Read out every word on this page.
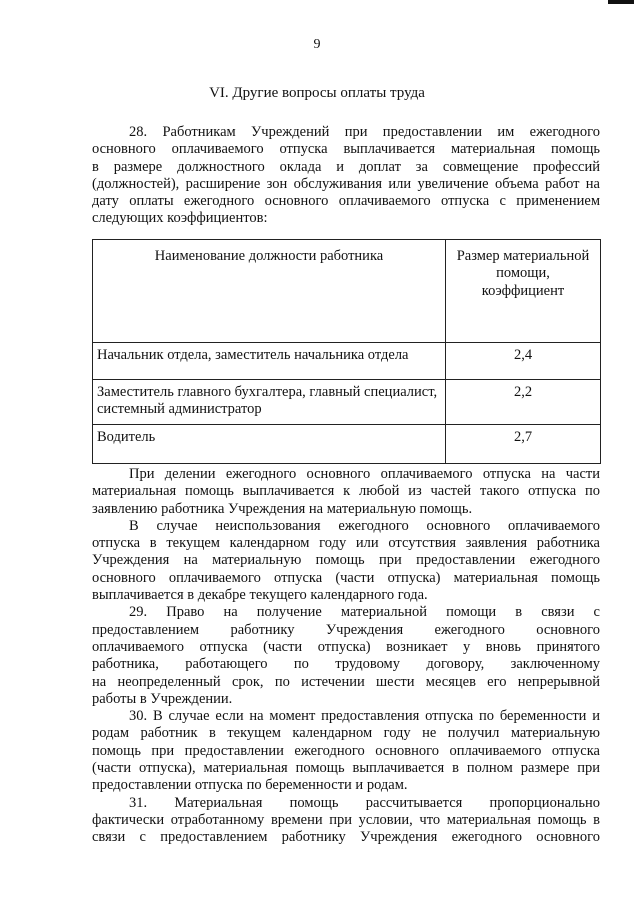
9
VI. Другие вопросы оплаты труда
28. Работникам Учреждений при предоставлении им ежегодного
основного оплачиваемого отпуска выплачивается материальная помощь
в размере должностного оклада и доплат за совмещение профессий
(должностей), расширение зон обслуживания или увеличение объема работ на
дату оплаты ежегодного основного оплачиваемого отпуска с применением
следующих коэффициентов:
Наименование должности работника	Размер материальной
помощи,
коэффициент
Начальник отдела, заместитель начальника отдела	2,4
Заместитель главного бухгалтера, главный специалист, системный администратор	2,2
Водитель	2,7
При делении ежегодного основного оплачиваемого отпуска на части
материальная помощь выплачивается к любой из частей такого отпуска по
заявлению работника Учреждения на материальную помощь.
В случае неиспользования ежегодного основного оплачиваемого
отпуска в текущем календарном году или отсутствия заявления работника
Учреждения на материальную помощь при предоставлении ежегодного
основного оплачиваемого отпуска (части отпуска) материальная помощь
выплачивается в декабре текущего календарного года.
29. Право на получение материальной помощи в связи с
предоставлением работнику Учреждения ежегодного основного
оплачиваемого отпуска (части отпуска) возникает у вновь принятого
работника, работающего по трудовому договору, заключенному
на неопределенный срок, по истечении шести месяцев его непрерывной
работы в Учреждении.
30. В случае если на момент предоставления отпуска по беременности и
родам работник в текущем календарном году не получил материальную
помощь при предоставлении ежегодного основного оплачиваемого отпуска
(части отпуска), материальная помощь выплачивается в полном размере при
предоставлении отпуска по беременности и родам.
31. Материальная помощь рассчитывается пропорционально
фактически отработанному времени при условии, что материальная помощь в
связи с предоставлением работнику Учреждения ежегодного основного
